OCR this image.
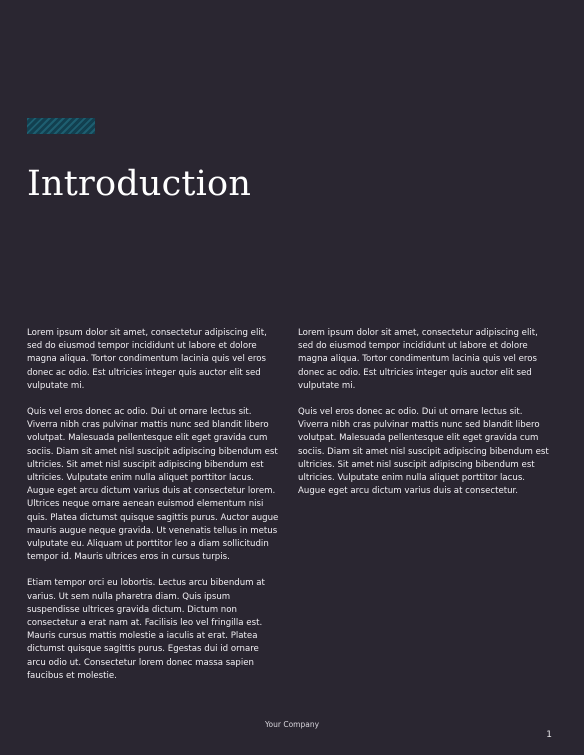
Introduction

Lorem ipsum dolor sit amet, consectetur adipiscing elit, sed do eiusmod tempor incididunt ut labore et dolore magna aliqua. Tortor condimentum lacinia quis vel eros donec ac odio. Est ultricies integer quis auctor elit sed vulputate mi.

Quis vel eros donec ac odio. Dui ut ornare lectus sit. Viverra nibh cras pulvinar mattis nunc sed blandit libero volutpat. Malesuada pellentesque elit eget gravida cum sociis. Diam sit amet nisl suscipit adipiscing bibendum est ultricies. Sit amet nisl suscipit adipiscing bibendum est ultricies. Vulputate enim nulla aliquet porttitor lacus. Augue eget arcu dictum varius duis at consectetur lorem. Ultrices neque ornare aenean euismod elementum nisi quis. Platea dictumst quisque sagittis purus. Auctor augue mauris augue neque gravida. Ut venenatis tellus in metus vulputate eu. Aliquam ut porttitor leo a diam sollicitudin tempor id. Mauris ultrices eros in cursus turpis.

Etiam tempor orci eu lobortis. Lectus arcu bibendum at varius. Ut sem nulla pharetra diam. Quis ipsum suspendisse ultrices gravida dictum. Dictum non consectetur a erat nam at. Facilisis leo vel fringilla est. Mauris cursus mattis molestie a iaculis at erat. Platea dictumst quisque sagittis purus. Egestas dui id ornare arcu odio ut. Consectetur lorem donec massa sapien faucibus et molestie.

Lorem ipsum dolor sit amet, consectetur adipiscing elit, sed do eiusmod tempor incididunt ut labore et dolore magna aliqua. Tortor condimentum lacinia quis vel eros donec ac odio. Est ultricies integer quis auctor elit sed vulputate mi.

Quis vel eros donec ac odio. Dui ut ornare lectus sit. Viverra nibh cras pulvinar mattis nunc sed blandit libero volutpat. Malesuada pellentesque elit eget gravida cum sociis. Diam sit amet nisl suscipit adipiscing bibendum est ultricies. Sit amet nisl suscipit adipiscing bibendum est ultricies. Vulputate enim nulla aliquet porttitor lacus. Augue eget arcu dictum varius duis at consectetur.

Your Company
1
